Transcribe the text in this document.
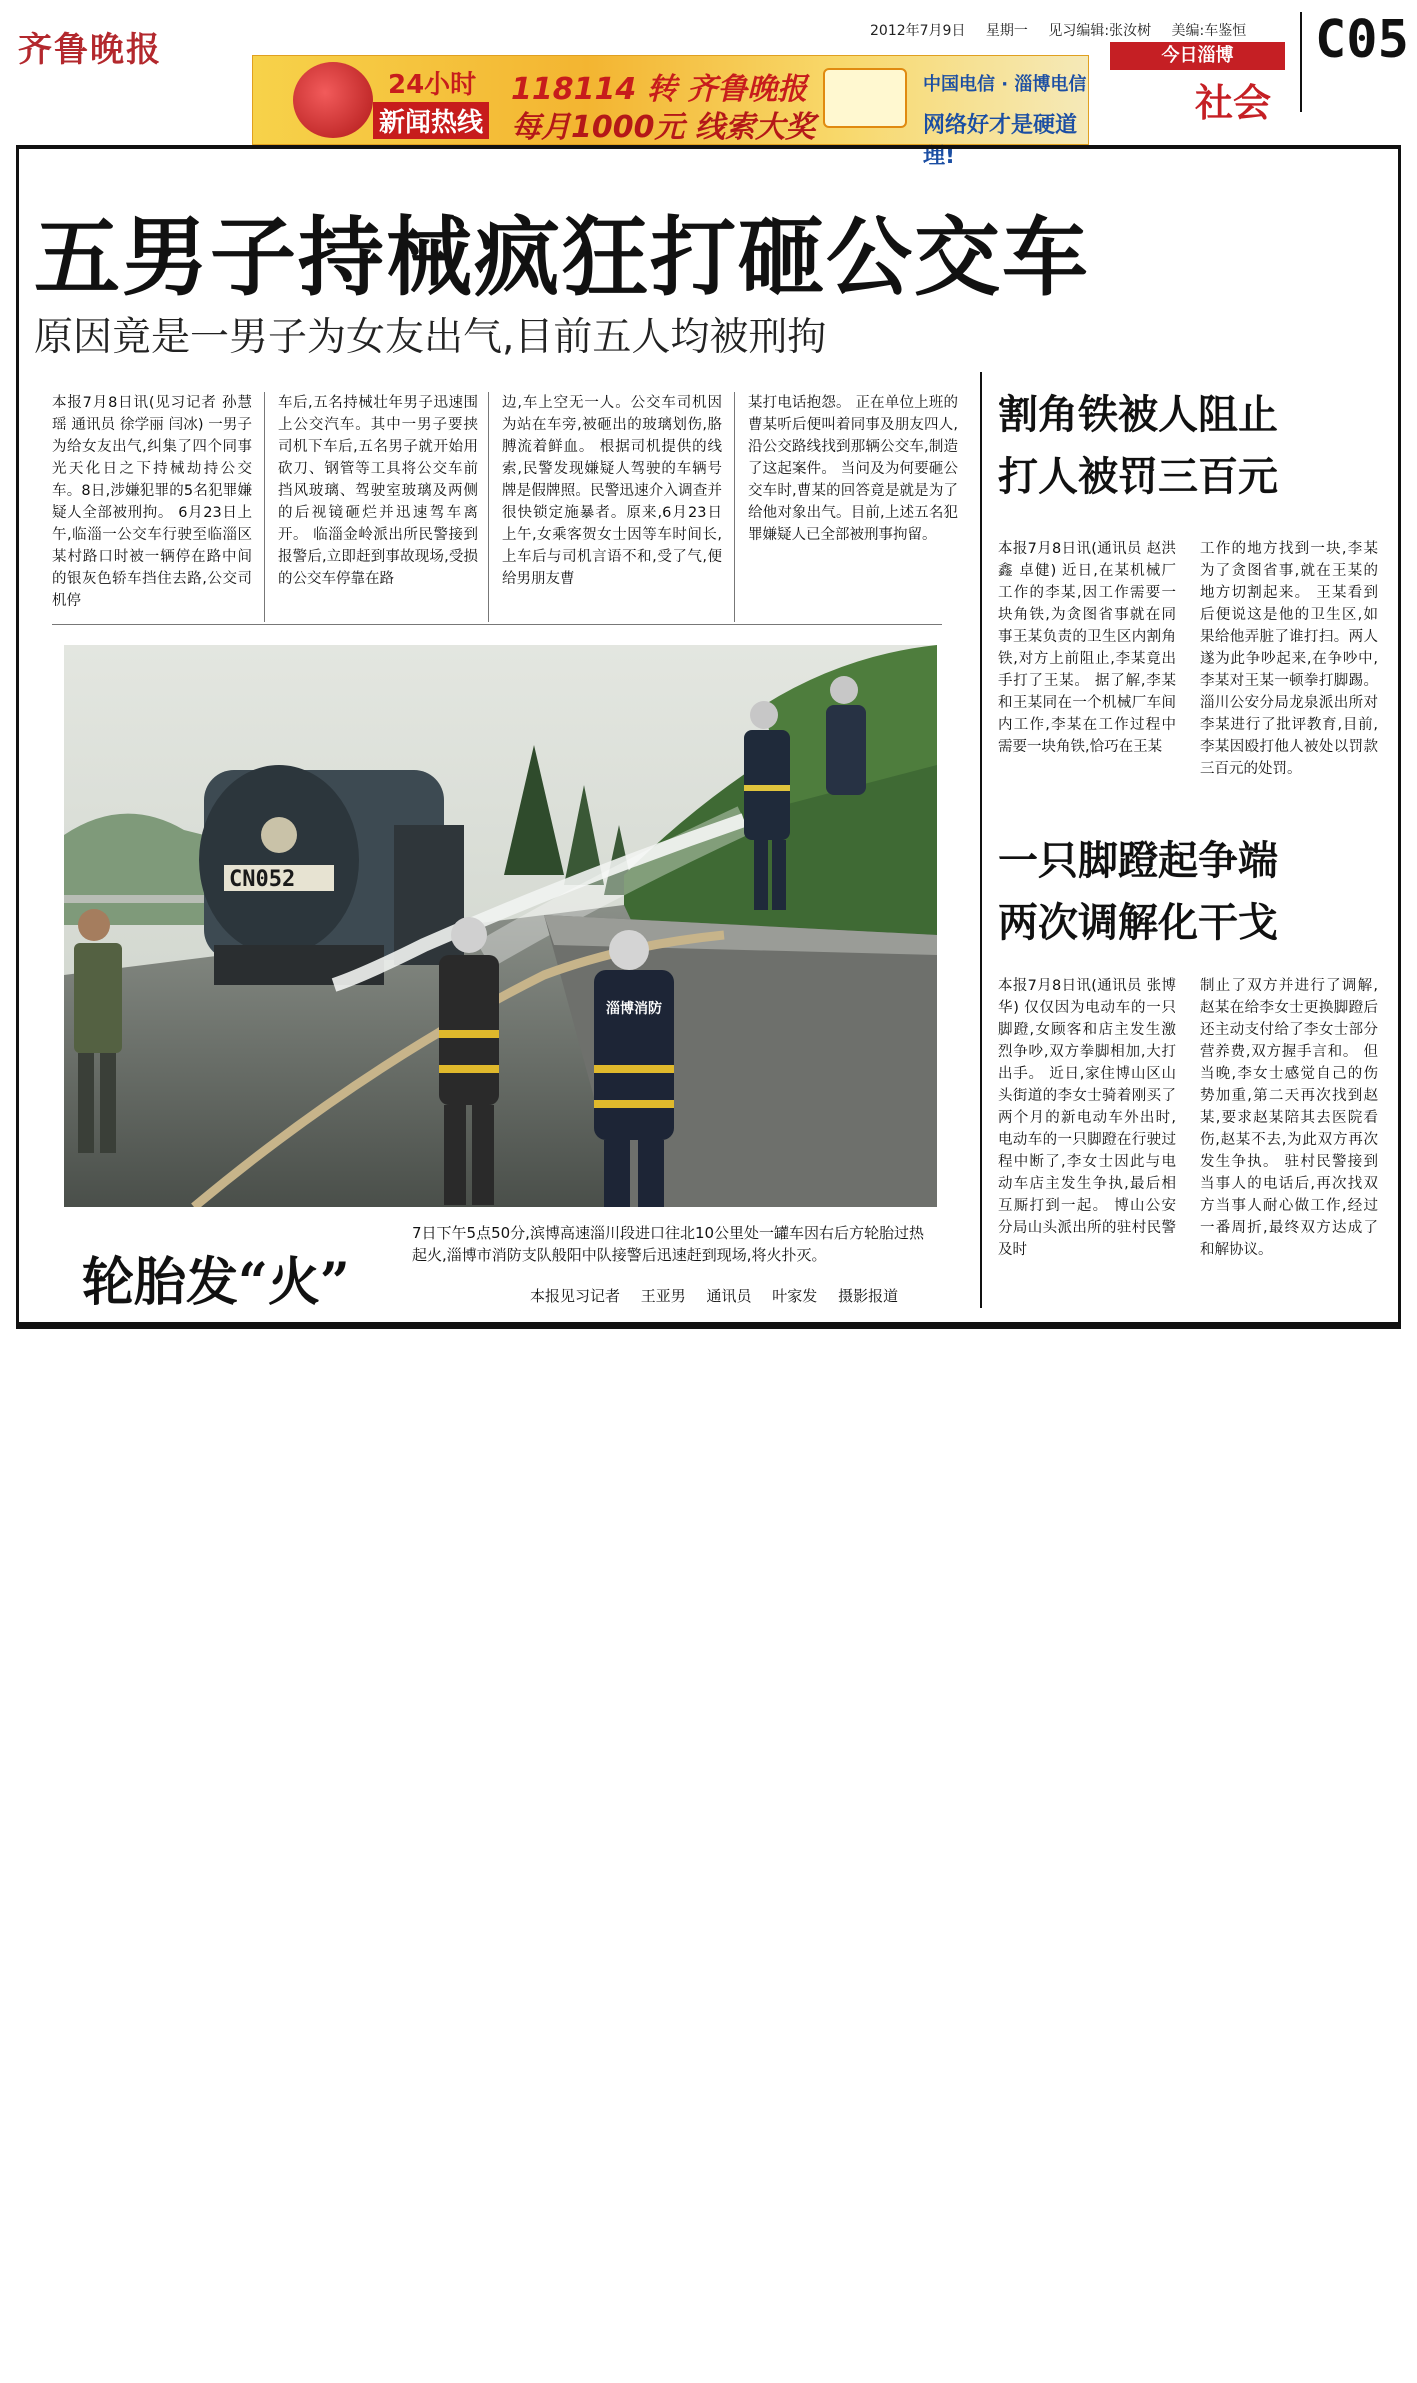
齐鲁晚报	2012年7月9日 星期一 见习编辑:张汝树 美编:车鉴恒	C05
今日淄博
社会
24小时
新闻热线
118114 转 齐鲁晚报
每月1000元 线索大奖
中国电信 · 淄博电信
网络好才是硬道理!
五男子持械疯狂打砸公交车
原因竟是一男子为女友出气,目前五人均被刑拘
本报7月8日讯(见习记者 孙慧瑶 通讯员 徐学丽 闫冰) 一男子为给女友出气,纠集了四个同事光天化日之下持械劫持公交车。8日,涉嫌犯罪的5名犯罪嫌疑人全部被刑拘。 6月23日上午,临淄一公交车行驶至临淄区某村路口时被一辆停在路中间的银灰色轿车挡住去路,公交司机停
车后,五名持械壮年男子迅速围上公交汽车。其中一男子要挟司机下车后,五名男子就开始用砍刀、钢管等工具将公交车前挡风玻璃、驾驶室玻璃及两侧的后视镜砸烂并迅速驾车离开。 临淄金岭派出所民警接到报警后,立即赶到事故现场,受损的公交车停靠在路
边,车上空无一人。公交车司机因为站在车旁,被砸出的玻璃划伤,胳膊流着鲜血。 根据司机提供的线索,民警发现嫌疑人驾驶的车辆号牌是假牌照。民警迅速介入调查并很快锁定施暴者。原来,6月23日上午,女乘客贺女士因等车时间长,上车后与司机言语不和,受了气,便给男朋友曹
某打电话抱怨。 正在单位上班的曹某听后便叫着同事及朋友四人,沿公交路线找到那辆公交车,制造了这起案件。 当问及为何要砸公交车时,曹某的回答竟是就是为了给他对象出气。目前,上述五名犯罪嫌疑人已全部被刑事拘留。
CN052
淄博消防
轮胎发“火”
7日下午5点50分,滨博高速淄川段进口往北10公里处一罐车因右后方轮胎过热起火,淄博市消防支队般阳中队接警后迅速赶到现场,将火扑灭。
本报见习记者 王亚男 通讯员 叶家发 摄影报道
割角铁被人阻止
打人被罚三百元
本报7月8日讯(通讯员 赵洪鑫 卓健) 近日,在某机械厂工作的李某,因工作需要一块角铁,为贪图省事就在同事王某负责的卫生区内割角铁,对方上前阻止,李某竟出手打了王某。 据了解,李某和王某同在一个机械厂车间内工作,李某在工作过程中需要一块角铁,恰巧在王某
工作的地方找到一块,李某为了贪图省事,就在王某的地方切割起来。 王某看到后便说这是他的卫生区,如果给他弄脏了谁打扫。两人遂为此争吵起来,在争吵中,李某对王某一顿拳打脚踢。 淄川公安分局龙泉派出所对李某进行了批评教育,目前,李某因殴打他人被处以罚款三百元的处罚。
一只脚蹬起争端
两次调解化干戈
本报7月8日讯(通讯员 张博华) 仅仅因为电动车的一只脚蹬,女顾客和店主发生激烈争吵,双方拳脚相加,大打出手。 近日,家住博山区山头街道的李女士骑着刚买了两个月的新电动车外出时,电动车的一只脚蹬在行驶过程中断了,李女士因此与电动车店主发生争执,最后相互厮打到一起。 博山公安分局山头派出所的驻村民警及时
制止了双方并进行了调解,赵某在给李女士更换脚蹬后还主动支付给了李女士部分营养费,双方握手言和。 但当晚,李女士感觉自己的伤势加重,第二天再次找到赵某,要求赵某陪其去医院看伤,赵某不去,为此双方再次发生争执。 驻村民警接到当事人的电话后,再次找双方当事人耐心做工作,经过一番周折,最终双方达成了和解协议。
